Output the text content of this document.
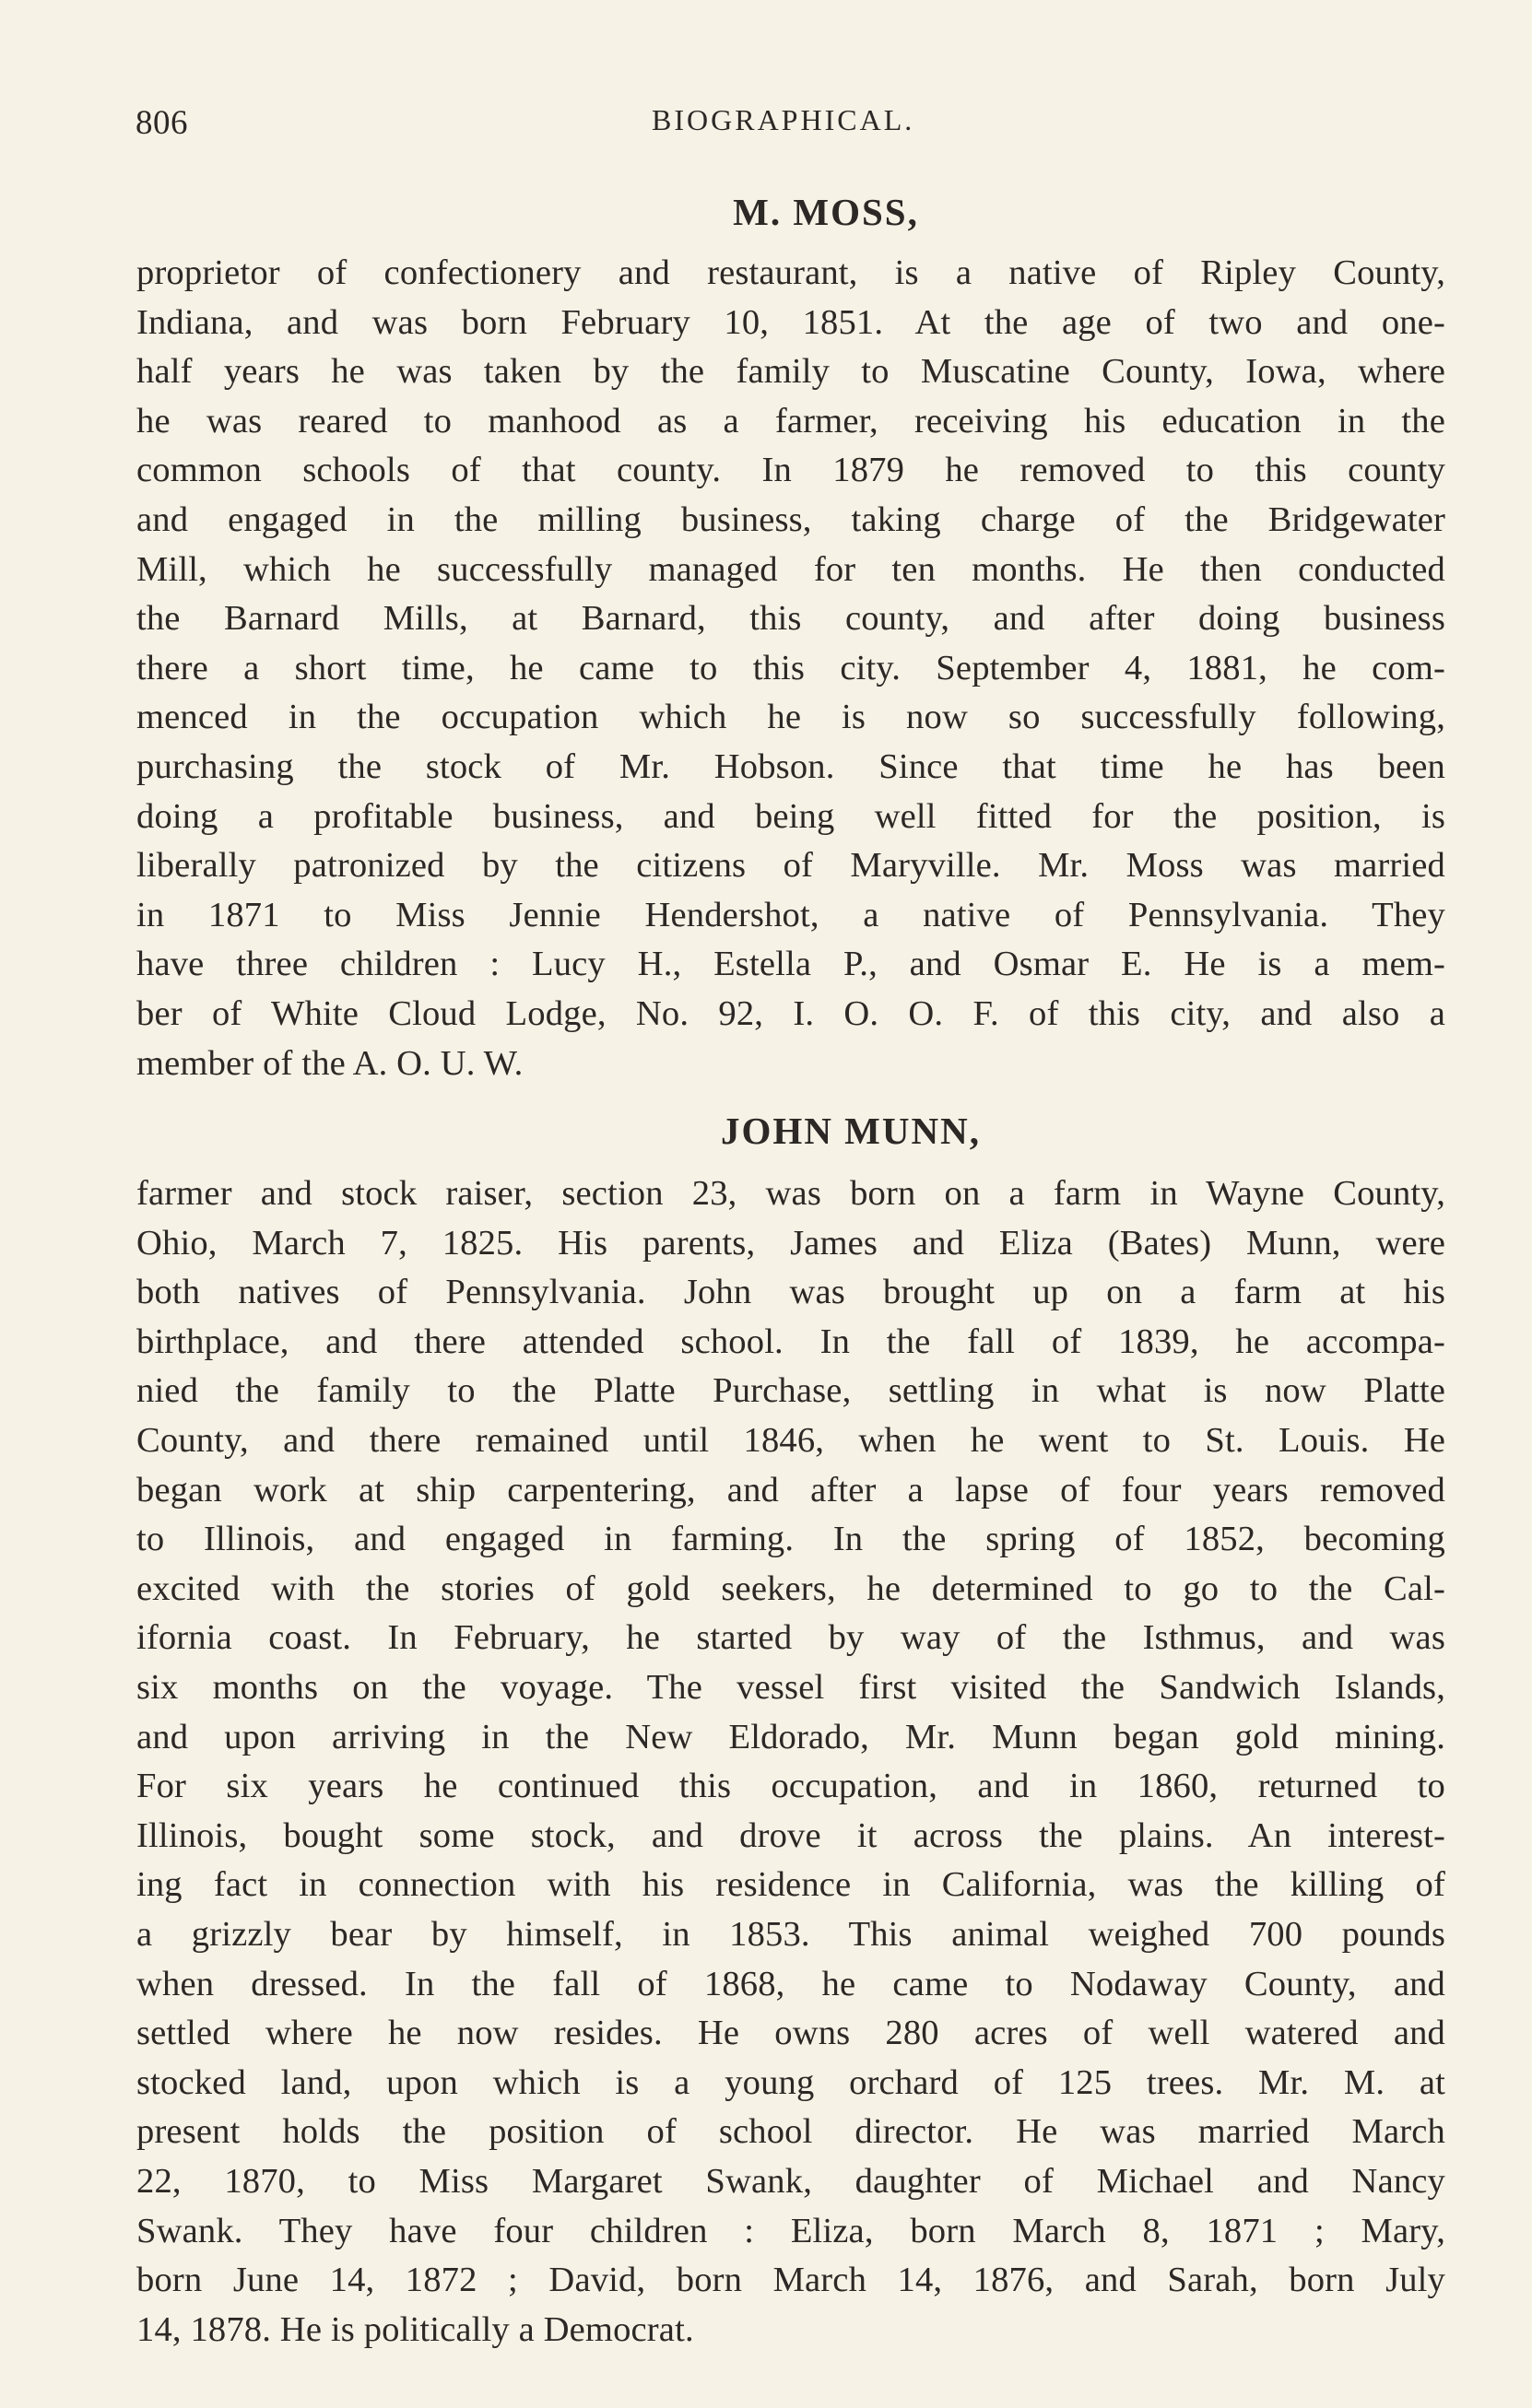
806	BIOGRAPHICAL.
M. MOSS,

proprietor of confectionery and restaurant, is a native of Ripley County,
Indiana, and was born February 10, 1851. At the age of two and one-
half years he was taken by the family to Muscatine County, Iowa, where
he was reared to manhood as a farmer, receiving his education in the
common schools of that county. In 1879 he removed to this county
and engaged in the milling business, taking charge of the Bridgewater
Mill, which he successfully managed for ten months. He then conducted
the Barnard Mills, at Barnard, this county, and after doing business
there a short time, he came to this city. September 4, 1881, he com-
menced in the occupation which he is now so successfully following,
purchasing the stock of Mr. Hobson. Since that time he has been
doing a profitable business, and being well fitted for the position, is
liberally patronized by the citizens of Maryville. Mr. Moss was married
in 1871 to Miss Jennie Hendershot, a native of Pennsylvania. They
have three children : Lucy H., Estella P., and Osmar E. He is a mem-
ber of White Cloud Lodge, No. 92, I. O. O. F. of this city, and also a
member of the A. O. U. W.

JOHN MUNN,

farmer and stock raiser, section 23, was born on a farm in Wayne County,
Ohio, March 7, 1825. His parents, James and Eliza (Bates) Munn, were
both natives of Pennsylvania. John was brought up on a farm at his
birthplace, and there attended school. In the fall of 1839, he accompa-
nied the family to the Platte Purchase, settling in what is now Platte
County, and there remained until 1846, when he went to St. Louis. He
began work at ship carpentering, and after a lapse of four years removed
to Illinois, and engaged in farming. In the spring of 1852, becoming
excited with the stories of gold seekers, he determined to go to the Cal-
ifornia coast. In February, he started by way of the Isthmus, and was
six months on the voyage. The vessel first visited the Sandwich Islands,
and upon arriving in the New Eldorado, Mr. Munn began gold mining.
For six years he continued this occupation, and in 1860, returned to
Illinois, bought some stock, and drove it across the plains. An interest-
ing fact in connection with his residence in California, was the killing of
a grizzly bear by himself, in 1853. This animal weighed 700 pounds
when dressed. In the fall of 1868, he came to Nodaway County, and
settled where he now resides. He owns 280 acres of well watered and
stocked land, upon which is a young orchard of 125 trees. Mr. M. at
present holds the position of school director. He was married March
22, 1870, to Miss Margaret Swank, daughter of Michael and Nancy
Swank. They have four children : Eliza, born March 8, 1871 ; Mary,
born June 14, 1872 ; David, born March 14, 1876, and Sarah, born July
14, 1878. He is politically a Democrat.
